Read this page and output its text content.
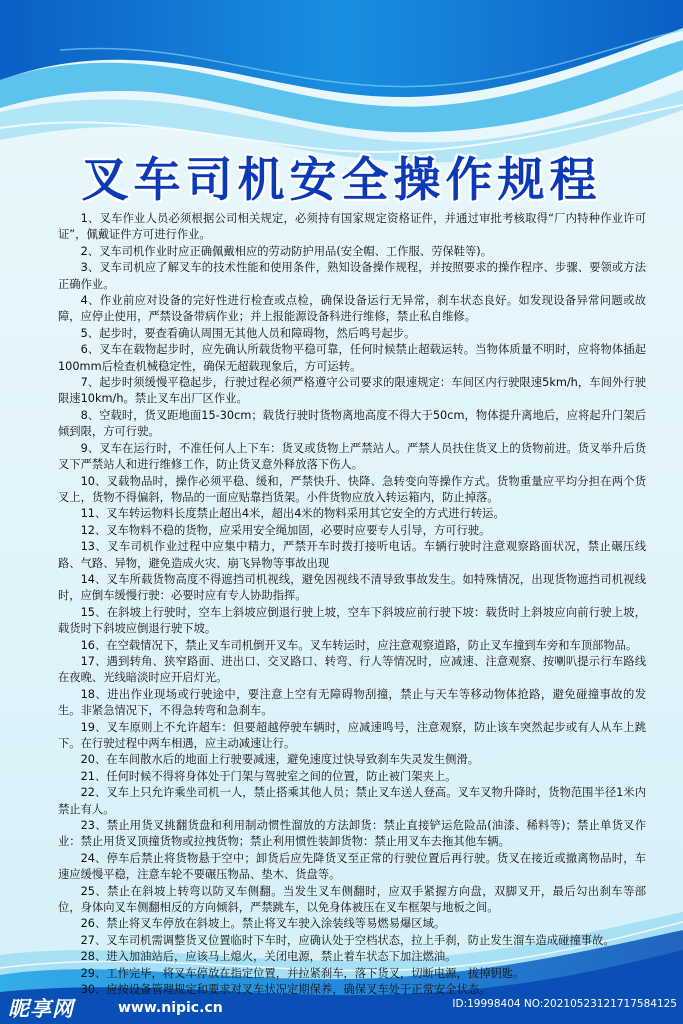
叉车司机安全操作规程

1、叉车作业人员必须根据公司相关规定，必须持有国家规定资格证件，并通过审批考核取得“厂内特种作业许可证”，佩戴证件方可进行作业。

2、叉车司机作业时应正确佩戴相应的劳动防护用品(安全帽、工作服、劳保鞋等)。

3、叉车司机应了解叉车的技术性能和使用条件，熟知设备操作规程，并按照要求的操作程序、步骤、要领或方法正确作业。

4、作业前应对设备的完好性进行检查或点检，确保设备运行无异常，刹车状态良好。如发现设备异常问题或故障，应停止使用，严禁设备带病作业；并上报能源设备科进行维修，禁止私自维修。

5、起步时，要查看确认周围无其他人员和障碍物，然后鸣号起步。

6、叉车在载物起步时，应先确认所载货物平稳可靠，任何时候禁止超载运转。当物体质量不明时，应将物体插起100mm后检查机械稳定性，确保无超载现象后，方可运转。

7、起步时须缓慢平稳起步，行驶过程必须严格遵守公司要求的限速规定：车间区内行驶限速5km/h，车间外行驶限速10km/h。禁止叉车出厂区作业。

8、空载时，货叉距地面15-30cm；载货行驶时货物离地高度不得大于50cm，物体提升离地后，应将起升门架后倾到限，方可行驶。

9、叉车在运行时，不准任何人上下车：货叉或货物上严禁站人。严禁人员扶住货叉上的货物前进。货叉举升后货叉下严禁站人和进行维修工作，防止货叉意外释放落下伤人。

10、叉载物品时，操作必须平稳、缓和，严禁快升、快降、急转变向等操作方式。货物重量应平均分担在两个货叉上，货物不得偏斜，物品的一面应贴靠挡货架。小件货物应放入转运箱内，防止掉落。

11、叉车转运物料长度禁止超出4米，超出4米的物料采用其它安全的方式进行转运。

12、叉车物料不稳的货物，应采用安全绳加固，必要时应要专人引导，方可行驶。

13、叉车司机作业过程中应集中精力，严禁开车时拨打接听电话。车辆行驶时注意观察路面状况，禁止碾压线路、气路、异物，避免造成火灾、崩飞异物等事故出现

14、叉车所载货物高度不得遮挡司机视线，避免因视线不清导致事故发生。如特殊情况，出现货物遮挡司机视线时，应倒车缓慢行驶：必要时应有专人协助指挥。

15、在斜坡上行驶时，空车上斜坡应倒退行驶上坡，空车下斜坡应前行驶下坡：载货时上斜坡应向前行驶上坡，载货时下斜坡应倒退行驶下坡。

16、在空载情况下，禁止叉车司机倒开叉车。叉车转运时，应注意观察道路，防止叉车撞到车旁和车顶部物品。

17、遇到转角、狭窄路面、进出口、交叉路口、转弯、行人等情况时，应减速、注意观察、按喇叭提示行车路线在夜晚、光线暗淡时应开启灯光。

18、进出作业现场或行驶途中，要注意上空有无障碍物刮撞，禁止与天车等移动物体抢路，避免碰撞事故的发生。非紧急情况下，不得急转弯和急刹车。

19、叉车原则上不允许超车：但要超越停驶车辆时，应减速鸣号，注意观察，防止该车突然起步或有人从车上跳下。在行驶过程中两车相遇，应主动减速让行。

20、在车间散水后的地面上行驶要减速，避免速度过快导致刹车失灵发生侧滑。

21、任何时候不得将身体处于门架与驾驶室之间的位置，防止被门架夹上。

22、叉车上只允许乘坐司机一人，禁止搭乘其他人员；禁止叉车送人登高。叉车叉物升降时，货物范围半径1米内禁止有人。

23、禁止用货叉挑翻货盘和利用制动惯性溜放的方法卸货：禁止直接铲运危险品(油漆、稀料等)；禁止单货叉作业：禁止用货叉顶撞货物或拉拽货物；禁止利用惯性装卸货物：禁止用叉车去拖其他车辆。

24、停车后禁止将货物悬于空中；卸货后应先降货叉至正常的行驶位置后再行驶。货叉在接近或撤离物品时，车速应缓慢平稳，注意车轮不要碾压物品、垫木、货盘等。

25、禁止在斜坡上转弯以防叉车侧翻。当发生叉车侧翻时，应双手紧握方向盘，双脚叉开，最后勾出刹车等部位，身体向叉车侧翻相反的方向倾斜，严禁跳车，以免身体被压在叉车框架与地板之间。

26、禁止将叉车停放在斜坡上。禁止将叉车驶入涂装线等易燃易爆区域。

27、叉车司机需调整货叉位置临时下车时，应确认处于空档状态，拉上手刹，防止发生溜车造成碰撞事故。

28、进入加油站后，应该马上熄火，关闭电源，禁止着车状态下加注燃油。

29、工作完毕，将叉车停放在指定位置，并拉紧刹车，落下货叉，切断电源，拔掉钥匙。

30、应按设备管理规定和要求对叉车状况定期保养，确保叉车处于正常安全状态。

昵享网	www.nipic.cn	ID:19998404 NO:20210523121717584125
